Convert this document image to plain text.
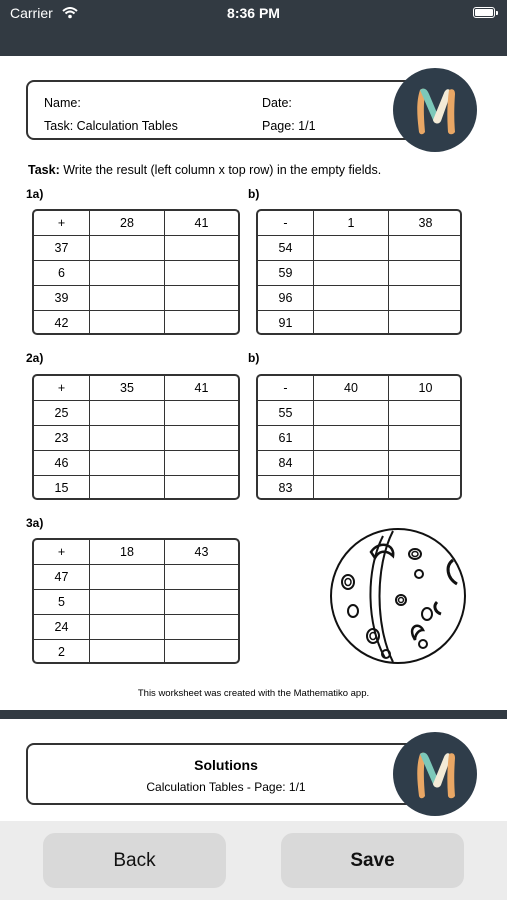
Carrier	8:36 PM
Name:	Date:
Task: Calculation Tables	Page: 1/1
Task: Write the result (left column x top row) in the empty fields.
1a)
+	28	41
37
6
39
42
b)
-	1	38
54
59
96
91
2a)
+	35	41
25
23
46
15
b)
-	40	10
55
61
84
83
3a)
+	18	43
47
5
24
2
This worksheet was created with the Mathematiko app.
Solutions
Calculation Tables - Page: 1/1
Back	Save
